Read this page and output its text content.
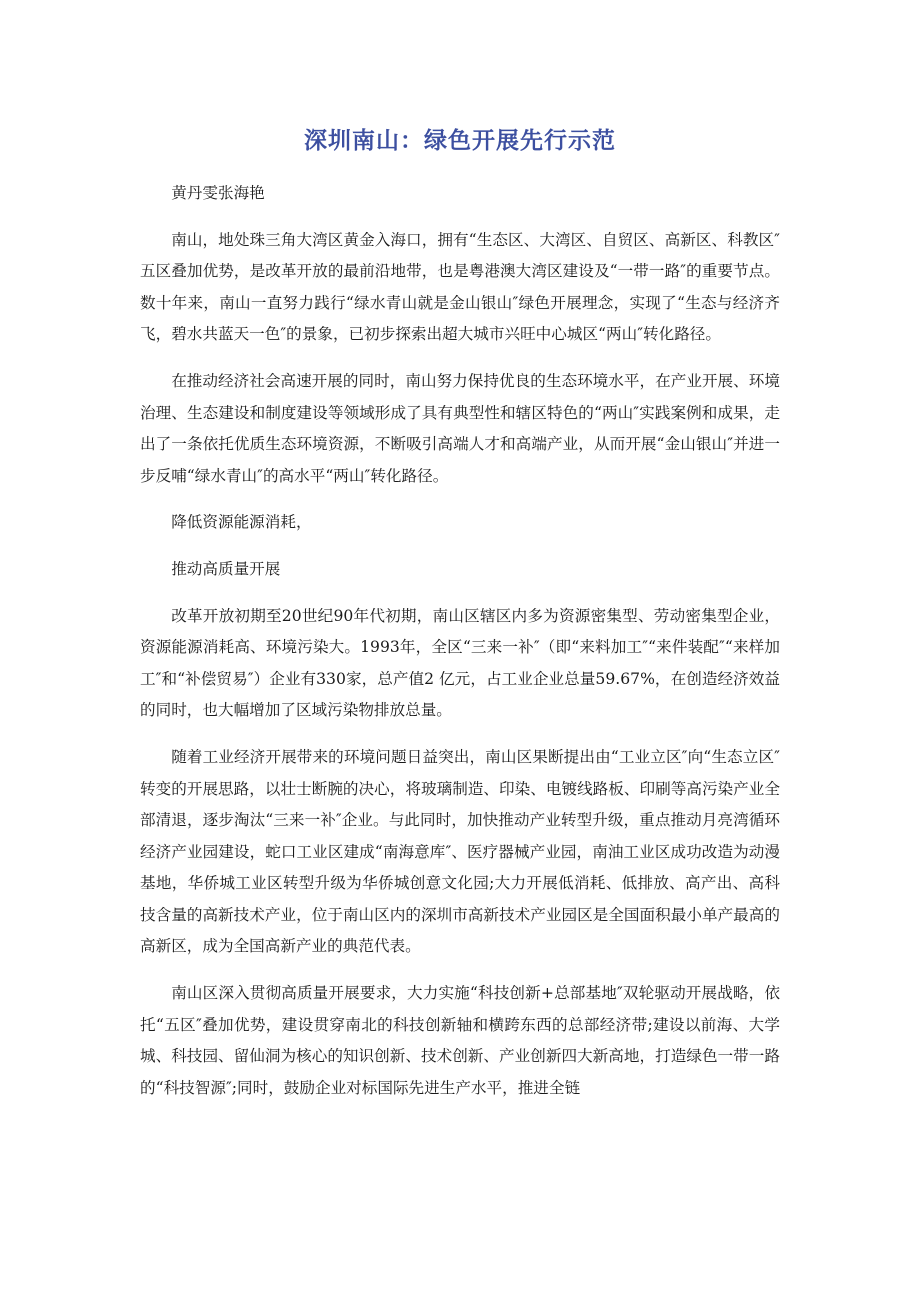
深圳南山：绿色开展先行示范

黄丹雯张海艳

南山，地处珠三角大湾区黄金入海口，拥有“生态区、大湾区、自贸区、高新区、科教区″五区叠加优势，是改革开放的最前沿地带，也是粤港澳大湾区建设及“一带一路″的重要节点。数十年来，南山一直努力践行“绿水青山就是金山银山″绿色开展理念，实现了“生态与经济齐飞，碧水共蓝天一色″的景象，已初步探索出超大城市兴旺中心城区“两山″转化路径。

在推动经济社会高速开展的同时，南山努力保持优良的生态环境水平，在产业开展、环境治理、生态建设和制度建设等领域形成了具有典型性和辖区特色的“两山″实践案例和成果，走出了一条依托优质生态环境资源，不断吸引高端人才和高端产业，从而开展“金山银山″并进一步反哺“绿水青山″的高水平“两山″转化路径。

降低资源能源消耗，

推动高质量开展

改革开放初期至20世纪90年代初期，南山区辖区内多为资源密集型、劳动密集型企业，资源能源消耗高、环境污染大。1993年，全区“三来一补″（即“来料加工″“来件装配″“来样加工″和“补偿贸易″）企业有330家，总产值2 亿元，占工业企业总量59.67%，在创造经济效益的同时，也大幅增加了区域污染物排放总量。

随着工业经济开展带来的环境问题日益突出，南山区果断提出由“工业立区″向“生态立区″转变的开展思路，以壮士断腕的决心，将玻璃制造、印染、电镀线路板、印刷等高污染产业全部清退，逐步淘汰“三来一补″企业。与此同时，加快推动产业转型升级，重点推动月亮湾循环经济产业园建设，蛇口工业区建成“南海意库″、医疗器械产业园，南油工业区成功改造为动漫基地，华侨城工业区转型升级为华侨城创意文化园;大力开展低消耗、低排放、高产出、高科技含量的高新技术产业，位于南山区内的深圳市高新技术产业园区是全国面积最小单产最高的高新区，成为全国高新产业的典范代表。

南山区深入贯彻高质量开展要求，大力实施“科技创新+总部基地″双轮驱动开展战略，依托“五区″叠加优势，建设贯穿南北的科技创新轴和横跨东西的总部经济带;建设以前海、大学城、科技园、留仙洞为核心的知识创新、技术创新、产业创新四大新高地，打造绿色一带一路的“科技智源″;同时，鼓励企业对标国际先进生产水平，推进全链
